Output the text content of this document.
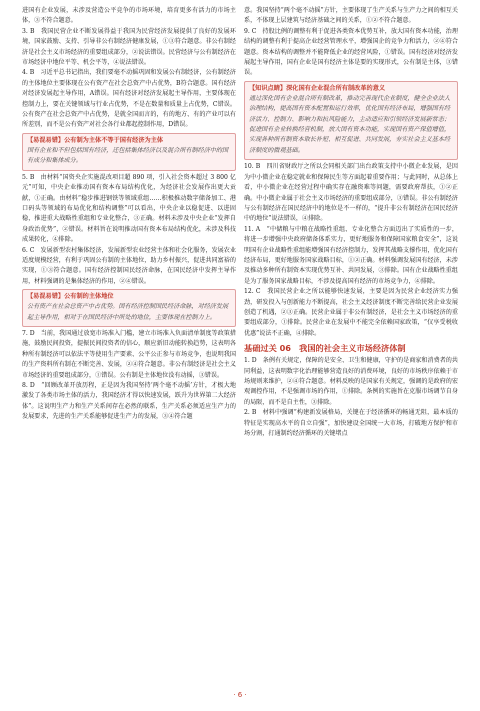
进国有企业发展，未涉及营造公平竞争的市场环境，培育更多有活力的市场主体，③不符合题意。

3. B　我国民营企业不断发展得益于我国为民营经济发展提供了良好的发展环境，国家鼓励、支持、引导非公有制经济健康发展，①③符合题意。非公有制经济是社会主义市场经济的重要组成部分，②说法错误。民营经济与公有制经济在市场经济中地位平等、机会平等，④说法错误。

4. B　习近平总书记指出，我们要毫不动摇巩固和发展公有制经济，公有制经济的主体地位主要体现在公有资产在社会总资产中占优势，B符合题意。国有经济对经济发展起主导作用，A错误。国有经济对经济发展起主导作用，主要体现在控制力上，要在关键领域与行业占优势，不是在数量和质量上占优势，C错误。公有资产在社会总资产中占优势，是就全国而言的，有的地方、有的产业可以有所差别，而不是公有资产对社会各行业都起控制作用，D错误。

【易混易错】公有制为主体不等于国有经济为主体
国有企业和不但包括国有经济，还包括集体经济以及混合所有制经济中的国有成分和集体成分。

5. B　由材料“国资央企实施混改项目超 890 项，引入社会资本超过 3 800 亿元”可知，中央企业推动国有资本布局结构优化，为经济社会发展作出更大贡献，①正确。由材料“稳步推进钢铁等领域重组……积极推动数字储备加工、港口码头等领域的布局优化和结构调整”可以看出，中央企业以稳促进、以进固稳，推进重大战略性重组和专业化整合，③正确。材料未涉及中央企业“发挥自身政治优势”，②错误。材料旨在说明推动国有资本布局结构优化，未涉及科技成果转化，④排除。

6. C　发展新型农村集体经济，发展新型农业经营主体和社会化服务，发展农业适度规模经营，有利于巩固公有制的主体地位，助力乡村振兴，促进共同富裕的实现，①③符合题意。国有经济控制国民经济命脉，在国民经济中发挥主导作用，材料强调的是集体经济的作用，②④错误。

【易混易错】公有制的主体地位
公有资产在社会总资产中占优势。国有经济控制国民经济命脉，对经济发展起主导作用，相对于在国民经济中所处的地位，主要体现在控制力上。

7. D　当前，我国通过放宽市场准入门槛，建立市场准入负面清单制度等政策措施，鼓励民间投资，提振民间投资者的信心，顺应新旧动能转换趋势，这表明各种所有制经济可以依法平等使用生产要素、公平公正参与市场竞争，也说明我国的生产资料所有制在不断完善、发展，②④符合题意。非公有制经济是社会主义市场经济的重要组成部分，①错误。公有制是主体地位没有动摇，③错误。

8. D　“回顾改革开放历程，正是因为我国坚持‘两个毫不动摇’方针，才极大地激发了各类市场主体的活力，我国经济才得以快速发展，跃升为世界第二大经济体”。这说明生产力和生产关系间存在必然的联系，生产关系必须适应生产力的发展要求，先进的生产关系能够促进生产力的发展，③④符合题

意。我国坚持“两个毫不动摇”方针，主要体现了生产关系与生产力之间的相互关系，不体现上层建筑与经济基础之间的关系，①②不符合题意。

9. C　持股比例的调整有利于促进各类资本优势互补，放大国有资本功能，治理结构的调整有利于提高企业经营管理水平，增强国企的竞争力和活力，②④符合题意。资本结构的调整并不能降低企业的经营风险，①错误。国有经济对经济发展起主导作用，国有企业是国有经济主体是要的实现形式，公有制是主体，③错误。

【知识点睛】深化国有企业混合所有制改革的意义
通过深化国有企业混合所有制改革，推动完善现代企业制度，健全企业法人治理结构，提高国有资本配置和运行效率，优化国有经济布局，增强国有经济活力、控制力、影响力和抗风险能力，主动适应和引领经济发展新常态；促进国有企业转换经营机制，放大国有资本功能，实现国有资产保值增值，实现各种所有制资本取长补短、相互促进、共同发展，夯实社会主义基本经济制度的微观基础。

10. B　四川省财政厅之所以会同相关部门出台政策支持中小微企业发展，是因为中小微企业在稳定就业和保障民生等方面起着重要作用；与此同时，从总体上看，中小微企业在经营过程中确实存在融资难等问题，需要政府帮扶，①②正确。中小微企业属于社会主义市场经济的重要组成部分，③错误。非公有制经济与公有制经济在国民经济中的地位是不一样的，“提升非公有制经济在国民经济中的地位”说法错误，④排除。

11. A　“中储粮与中粮在战略性重组、专业化整合方面迈出了实质性的一步，将进一步增强中央政府储备体系实力，更好地服务和保障国家粮食安全”，这说明国有企业战略性重组能增强国有经济控制力，发挥其战略支撑作用，优化国有经济布局，更好地服务国家战略目标，①②正确。材料强调发展国有经济，未涉及推动多种所有制资本实现优势互补、共同发展，③排除。国有企业战略性重组是为了服务国家战略目标，不涉及提高国有经济的市场竞争力，④排除。

12. C　我国民营企业之所以能够快速发展，主要是因为民营企业经济实力强劲，研发投入与创新能力不断提高，社会主义经济制度不断完善给民营企业发展创造了机遇，②③正确。民营企业属于非公有制经济，是社会主义市场经济的重要组成部分，①排除。民营企业在发展中不能完全依赖国家政策，“仅享受税收优惠”说法不正确，④排除。

基础过关 06　我国的社会主义市场经济体制

1. D　条例有关规定，保障的是安全、卫生和健康，守护的是商家和消费者的共同利益，这表明数字化治理能够营造良好的消费环境，良好的市场秩序依赖于市场规则来维护，②④符合题意。材料反映的是国家有关规定，强调的是政府的宏观调控作用，不是强调市场的作用，①排除。条例的实施旨在克服市场调节自身的局限，而不是自主性，③排除。

2. B　材料中强调“构建新发展格局，关键在于经济循环的畅通无阻，最本质的特征是实现高水平的自立自强”，加快建设全国统一大市场，打破地方保护和市场分割，打通制约经济循环的关键堵点

· 6 ·
